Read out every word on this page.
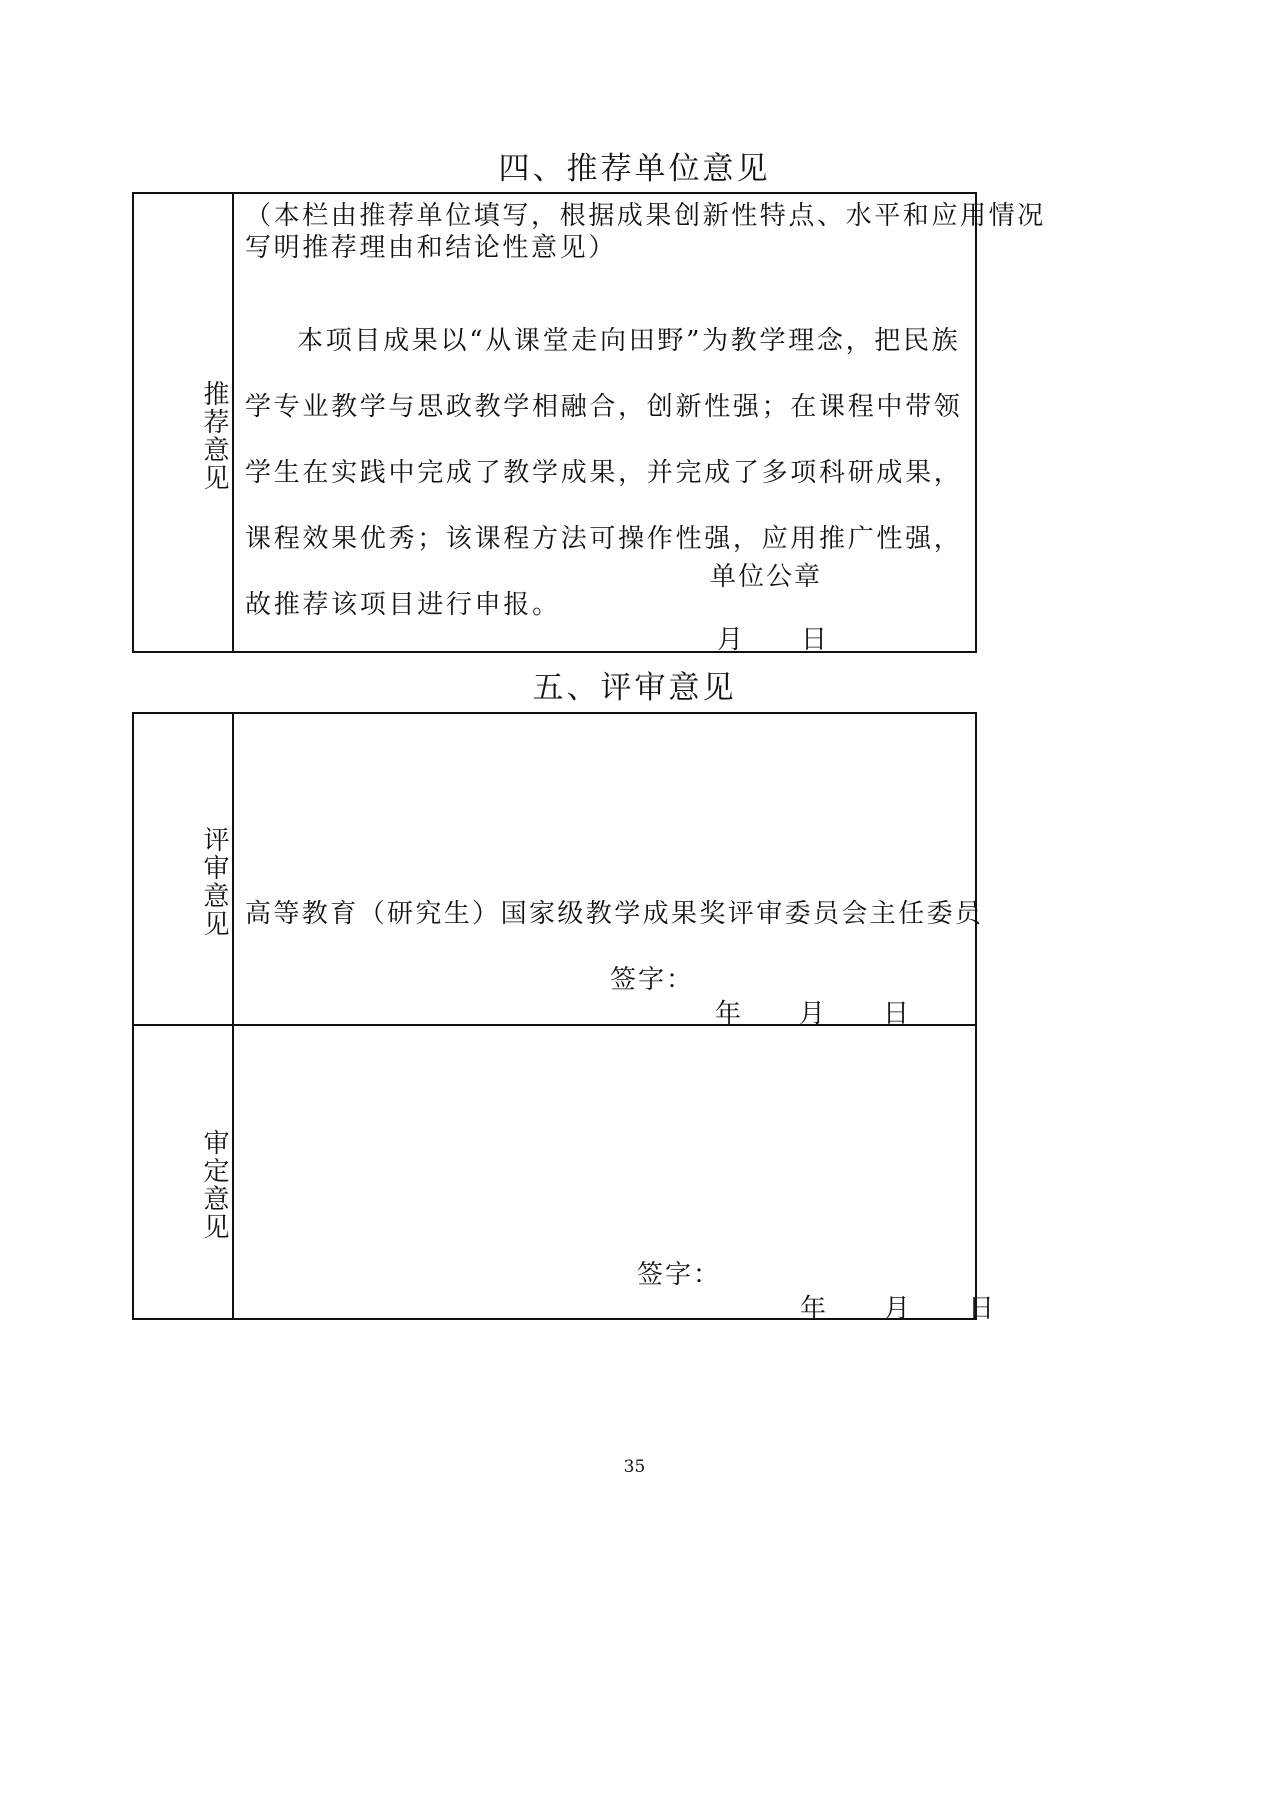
四、推荐单位意见
推荐意见
（本栏由推荐单位填写，根据成果创新性特点、水平和应用情况
写明推荐理由和结论性意见）
本项目成果以“从课堂走向田野”为教学理念，把民族学专业教学与思政教学相融合，创新性强；在课程中带领学生在实践中完成了教学成果，并完成了多项科研成果，课程效果优秀；该课程方法可操作性强，应用推广性强，故推荐该项目进行申报。
单位公章
月　　日
五、评审意见
评审意见 高等教育（研究生）国家级教学成果奖评审委员会主任委员
签字：
年　　月　　日
审定意见
签字：
年　　月　　日
35
